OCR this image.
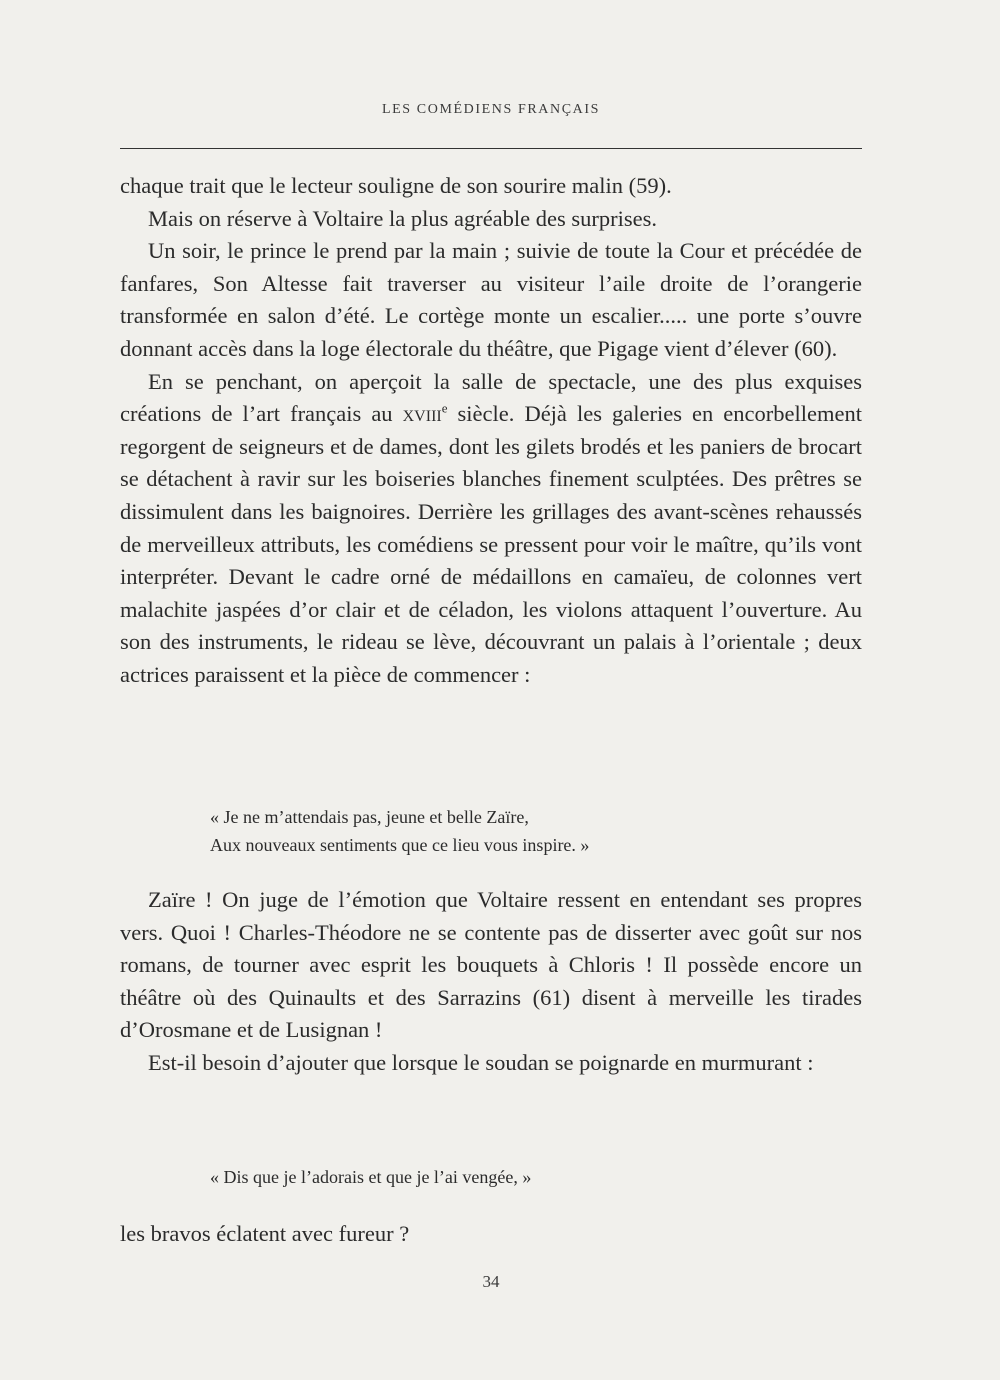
LES COMÉDIENS FRANÇAIS

chaque trait que le lecteur souligne de son sourire malin (59).

Mais on réserve à Voltaire la plus agréable des surprises.

Un soir, le prince le prend par la main ; suivie de toute la Cour et précédée de fanfares, Son Altesse fait traverser au visiteur l’aile droite de l’orangerie transformée en salon d’été. Le cortège monte un escalier..... une porte s’ouvre donnant accès dans la loge électorale du théâtre, que Pigage vient d’élever (60).

En se penchant, on aperçoit la salle de spectacle, une des plus exquises créations de l’art français au xviii$^e$ siècle. Déjà les galeries en encorbellement regorgent de seigneurs et de dames, dont les gilets brodés et les paniers de brocart se détachent à ravir sur les boiseries blanches finement sculptées. Des prêtres se dissimulent dans les baignoires. Derrière les grillages des avant-scènes rehaussés de merveilleux attributs, les comédiens se pressent pour voir le maître, qu’ils vont interpréter. Devant le cadre orné de médaillons en camaïeu, de colonnes vert malachite jaspées d’or clair et de céladon, les violons attaquent l’ouverture. Au son des instruments, le rideau se lève, découvrant un palais à l’orientale ; deux actrices paraissent et la pièce de commencer :

« Je ne m’attendais pas, jeune et belle Zaïre,
Aux nouveaux sentiments que ce lieu vous inspire. »

Zaïre ! On juge de l’émotion que Voltaire ressent en entendant ses propres vers. Quoi ! Charles-Théodore ne se contente pas de disserter avec goût sur nos romans, de tourner avec esprit les bouquets à Chloris ! Il possède encore un théâtre où des Quinaults et des Sarrazins (61) disent à merveille les tirades d’Orosmane et de Lusignan !

Est-il besoin d’ajouter que lorsque le soudan se poignarde en murmurant :

« Dis que je l’adorais et que je l’ai vengée, »
les bravos éclatent avec fureur ?
34
